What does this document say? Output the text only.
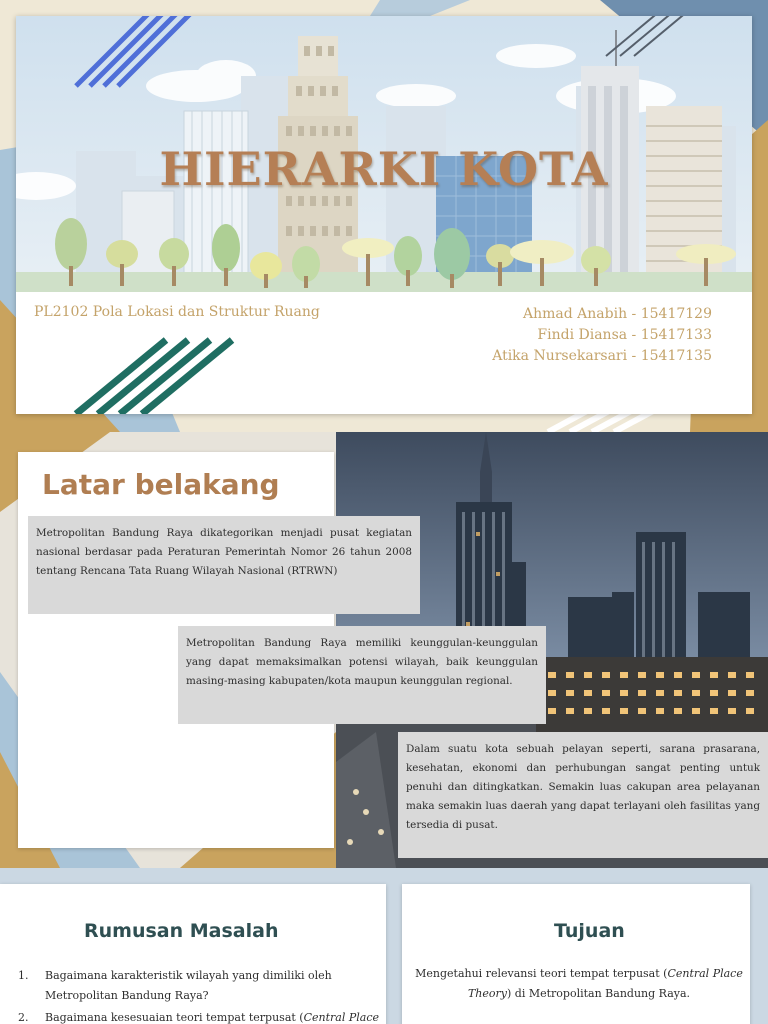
HIERARKI KOTA
PL2102 Pola Lokasi dan Struktur Ruang	Ahmad Anabih - 15417129
Findi Diansa - 15417133
Atika Nursekarsari - 15417135
Latar belakang
Metropolitan Bandung Raya dikategorikan menjadi pusat kegiatan nasional berdasar pada Peraturan Pemerintah Nomor 26 tahun 2008 tentang Rencana Tata Ruang Wilayah Nasional (RTRWN)
Metropolitan Bandung Raya memiliki keunggulan-keunggulan yang dapat memaksimalkan potensi wilayah, baik keunggulan masing-masing kabupaten/kota maupun keunggulan regional.
Dalam suatu kota sebuah pelayan seperti, sarana prasarana, kesehatan, ekonomi dan perhubungan sangat penting untuk penuhi dan ditingkatkan. Semakin luas cakupan area pelayanan maka semakin luas daerah yang dapat terlayani oleh fasilitas yang tersedia di pusat.
Rumusan Masalah	Tujuan
1. Bagaimana karakteristik wilayah yang dimiliki oleh Metropolitan Bandung Raya?
2. Bagaimana kesesuaian teori tempat terpusat (Central Place

Mengetahui relevansi teori tempat terpusat (Central Place Theory) di Metropolitan Bandung Raya.
